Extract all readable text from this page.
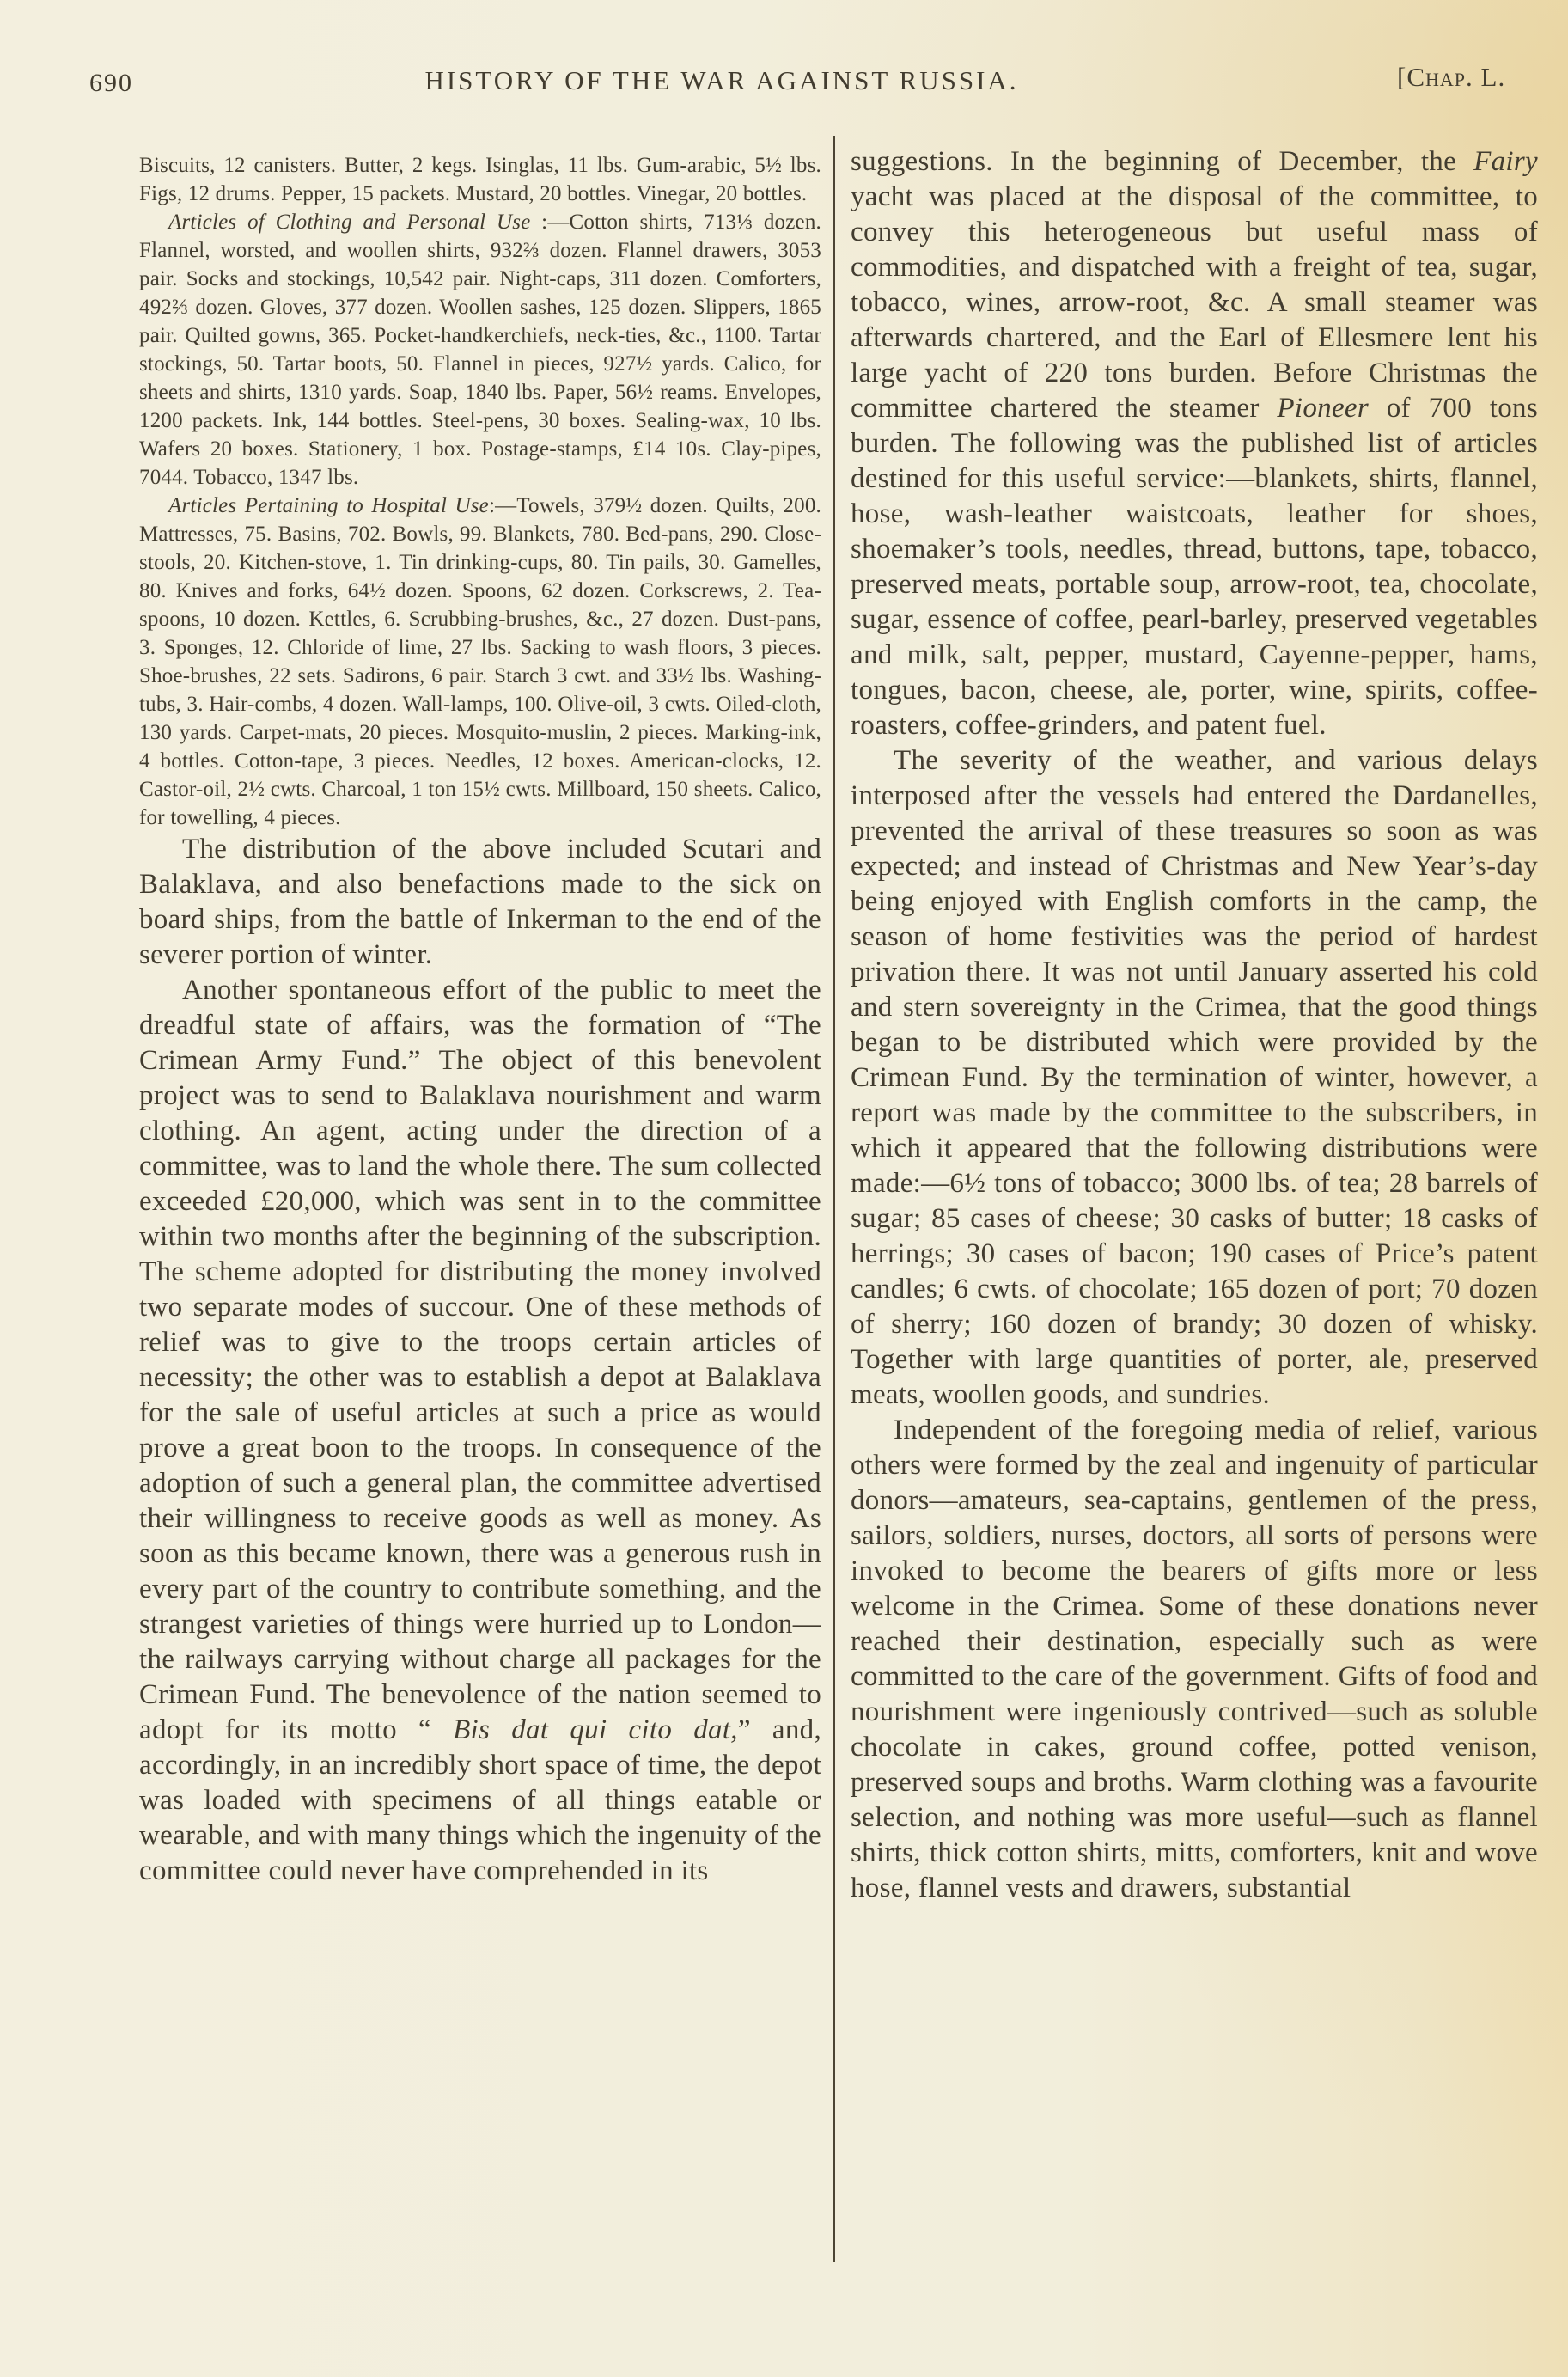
690	HISTORY OF THE WAR AGAINST RUSSIA.	[Chap. L.

Biscuits, 12 canisters. Butter, 2 kegs. Isinglas, 11 lbs. Gum-arabic, 5½ lbs. Figs, 12 drums. Pepper, 15 packets. Mustard, 20 bottles. Vinegar, 20 bottles.

Articles of Clothing and Personal Use :—Cotton shirts, 713⅓ dozen. Flannel, worsted, and woollen shirts, 932⅔ dozen. Flannel drawers, 3053 pair. Socks and stockings, 10,542 pair. Night-caps, 311 dozen. Comforters, 492⅔ dozen. Gloves, 377 dozen. Woollen sashes, 125 dozen. Slippers, 1865 pair. Quilted gowns, 365. Pocket-handkerchiefs, neck-ties, &c., 1100. Tartar stockings, 50. Tartar boots, 50. Flannel in pieces, 927½ yards. Calico, for sheets and shirts, 1310 yards. Soap, 1840 lbs. Paper, 56½ reams. Envelopes, 1200 packets. Ink, 144 bottles. Steel-pens, 30 boxes. Sealing-wax, 10 lbs. Wafers 20 boxes. Stationery, 1 box. Postage-stamps, £14 10s. Clay-pipes, 7044. Tobacco, 1347 lbs.

Articles Pertaining to Hospital Use:—Towels, 379½ dozen. Quilts, 200. Mattresses, 75. Basins, 702. Bowls, 99. Blankets, 780. Bed-pans, 290. Close-stools, 20. Kitchen-stove, 1. Tin drinking-cups, 80. Tin pails, 30. Gamelles, 80. Knives and forks, 64½ dozen. Spoons, 62 dozen. Corkscrews, 2. Tea-spoons, 10 dozen. Kettles, 6. Scrubbing-brushes, &c., 27 dozen. Dust-pans, 3. Sponges, 12. Chloride of lime, 27 lbs. Sacking to wash floors, 3 pieces. Shoe-brushes, 22 sets. Sadirons, 6 pair. Starch 3 cwt. and 33½ lbs. Washing-tubs, 3. Hair-combs, 4 dozen. Wall-lamps, 100. Olive-oil, 3 cwts. Oiled-cloth, 130 yards. Carpet-mats, 20 pieces. Mosquito-muslin, 2 pieces. Marking-ink, 4 bottles. Cotton-tape, 3 pieces. Needles, 12 boxes. American-clocks, 12. Castor-oil, 2½ cwts. Charcoal, 1 ton 15½ cwts. Millboard, 150 sheets. Calico, for towelling, 4 pieces.

The distribution of the above included Scutari and Balaklava, and also benefactions made to the sick on board ships, from the battle of Inkerman to the end of the severer portion of winter.

Another spontaneous effort of the public to meet the dreadful state of affairs, was the formation of “The Crimean Army Fund.” The object of this benevolent project was to send to Balaklava nourishment and warm clothing. An agent, acting under the direction of a committee, was to land the whole there. The sum collected exceeded £20,000, which was sent in to the committee within two months after the beginning of the subscription. The scheme adopted for distributing the money involved two separate modes of succour. One of these methods of relief was to give to the troops certain articles of necessity; the other was to establish a depot at Balaklava for the sale of useful articles at such a price as would prove a great boon to the troops. In consequence of the adoption of such a general plan, the committee advertised their willingness to receive goods as well as money. As soon as this became known, there was a generous rush in every part of the country to contribute something, and the strangest varieties of things were hurried up to London—the railways carrying without charge all packages for the Crimean Fund. The benevolence of the nation seemed to adopt for its motto “ Bis dat qui cito dat,” and, accordingly, in an incredibly short space of time, the depot was loaded with specimens of all things eatable or wearable, and with many things which the ingenuity of the committee could never have comprehended in its

suggestions. In the beginning of December, the Fairy yacht was placed at the disposal of the committee, to convey this heterogeneous but useful mass of commodities, and dispatched with a freight of tea, sugar, tobacco, wines, arrow-root, &c. A small steamer was afterwards chartered, and the Earl of Ellesmere lent his large yacht of 220 tons burden. Before Christmas the committee chartered the steamer Pioneer of 700 tons burden. The following was the published list of articles destined for this useful service:—blankets, shirts, flannel, hose, wash-leather waistcoats, leather for shoes, shoemaker’s tools, needles, thread, buttons, tape, tobacco, preserved meats, portable soup, arrow-root, tea, chocolate, sugar, essence of coffee, pearl-barley, preserved vegetables and milk, salt, pepper, mustard, Cayenne-pepper, hams, tongues, bacon, cheese, ale, porter, wine, spirits, coffee-roasters, coffee-grinders, and patent fuel.

The severity of the weather, and various delays interposed after the vessels had entered the Dardanelles, prevented the arrival of these treasures so soon as was expected; and instead of Christmas and New Year’s-day being enjoyed with English comforts in the camp, the season of home festivities was the period of hardest privation there. It was not until January asserted his cold and stern sovereignty in the Crimea, that the good things began to be distributed which were provided by the Crimean Fund. By the termination of winter, however, a report was made by the committee to the subscribers, in which it appeared that the following distributions were made:—6½ tons of tobacco; 3000 lbs. of tea; 28 barrels of sugar; 85 cases of cheese; 30 casks of butter; 18 casks of herrings; 30 cases of bacon; 190 cases of Price’s patent candles; 6 cwts. of chocolate; 165 dozen of port; 70 dozen of sherry; 160 dozen of brandy; 30 dozen of whisky. Together with large quantities of porter, ale, preserved meats, woollen goods, and sundries.

Independent of the foregoing media of relief, various others were formed by the zeal and ingenuity of particular donors—amateurs, sea-captains, gentlemen of the press, sailors, soldiers, nurses, doctors, all sorts of persons were invoked to become the bearers of gifts more or less welcome in the Crimea. Some of these donations never reached their destination, especially such as were committed to the care of the government. Gifts of food and nourishment were ingeniously contrived—such as soluble chocolate in cakes, ground coffee, potted venison, preserved soups and broths. Warm clothing was a favourite selection, and nothing was more useful—such as flannel shirts, thick cotton shirts, mitts, comforters, knit and wove hose, flannel vests and drawers, substantial
